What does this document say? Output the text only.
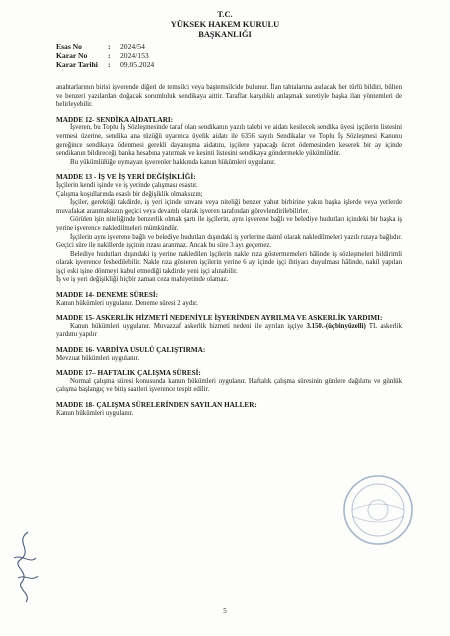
T.C.
YÜKSEK HAKEM KURULU
BAŞKANLIĞI
Esas No	:	2024/54
Karar No	:	2024/153
Karar Tarihi	:	09.05.2024

anahtarlarının birisi işverende diğeri de temsilci veya baştemsilcide bulunur. İlan tahtalarına asılacak her türlü bildiri, bülten ve benzeri yazılardan doğacak sorumluluk sendikaya aittir. Taraflar karşılıklı anlaşmak suretiyle başka ilan yöntemleri de belirleyebilir.

MADDE 12- SENDİKA AİDATLARI:

İşveren, bu Toplu İş Sözleşmesinde taraf olan sendikanın yazılı talebi ve aidatı kesilecek sendika üyesi işçilerin listesini vermesi üzerine, sendika ana tüzüğü uyarınca üyelik aidatı ile 6356 sayılı Sendikalar ve Toplu İş Sözleşmesi Kanunu gereğince sendikaya ödenmesi gerekli dayanışma aidatını, işçilere yapacağı ücret ödemesinden keserek bir ay içinde sendikanın bildireceği banka hesabına yatırmak ve kesinti listesini sendikaya göndermekle yükümlüdür.

Bu yükümlülüğe uymayan işverenler hakkında kanun hükümleri uygulanır.

MADDE 13 - İŞ VE İŞ YERİ DEĞİŞİKLİĞİ:

İşçilerin kendi işinde ve iş yerinde çalışması esastır.

Çalışma koşullarında esaslı bir değişiklik olmaksızın;

İşçiler, gerektiği takdirde, iş yeri içinde unvanı veya niteliği benzer yahut birbirine yakın başka işlerde veya yerlerde muvafakat aranmaksızın geçici veya devamlı olarak işveren tarafından görevlendirilebilirler.

Görülen işin niteliğinde benzerlik olmak şartı ile işçilerin, aynı işverene bağlı ve belediye hudutları içindeki bir başka iş yerine işverence nakledilmeleri mümkündür.

İşçilerin aynı işverene bağlı ve belediye hudutları dışındaki iş yerlerine daimî olarak nakledilmeleri yazılı rızaya bağlıdır. Geçici süre ile nakillerde işçinin rızası aranmaz. Ancak bu süre 3 ayı geçemez.

Belediye hudutları dışındaki iş yerine nakledilen işçilerin nakle rıza göstermemeleri hâlinde iş sözleşmeleri bildirimli olarak işverence feshedilebilir. Nakle rıza gösteren işçilerin yerine 6 ay içinde işçi ihtiyacı duyulması hâlinde, nakil yapılan işçi eski işine dönmeyi kabul etmediği takdirde yeni işçi alınabilir.

İş ve iş yeri değişikliği hiçbir zaman ceza mahiyetinde olamaz.

MADDE 14- DENEME SÜRESİ:

Kanun hükümleri uygulanır. Deneme süresi 2 aydır.

MADDE 15- ASKERLİK HİZMETİ NEDENİYLE İŞYERİNDEN AYRILMA VE ASKERLİK YARDIMI:

Kanun hükümleri uygulanır. Muvazzaf askerlik hizmeti nedeni ile ayrılan işçiye 3.150.-(üçbinyüzelli) TL askerlik yardımı yapılır

MADDE 16- VARDİYA USULÜ ÇALIŞTIRMA:

Mevzuat hükümleri uygulanır.

MADDE 17– HAFTALIK ÇALIŞMA SÜRESİ:

Normal çalışma süresi konusunda kanun hükümleri uygulanır. Haftalık çalışma süresinin günlere dağılımı ve günlük çalışma başlangıç ve bitiş saatleri işverence tespit edilir.

MADDE 18- ÇALIŞMA SÜRELERİNDEN SAYILAN HALLER:

Kanun hükümleri uygulanır.

5
